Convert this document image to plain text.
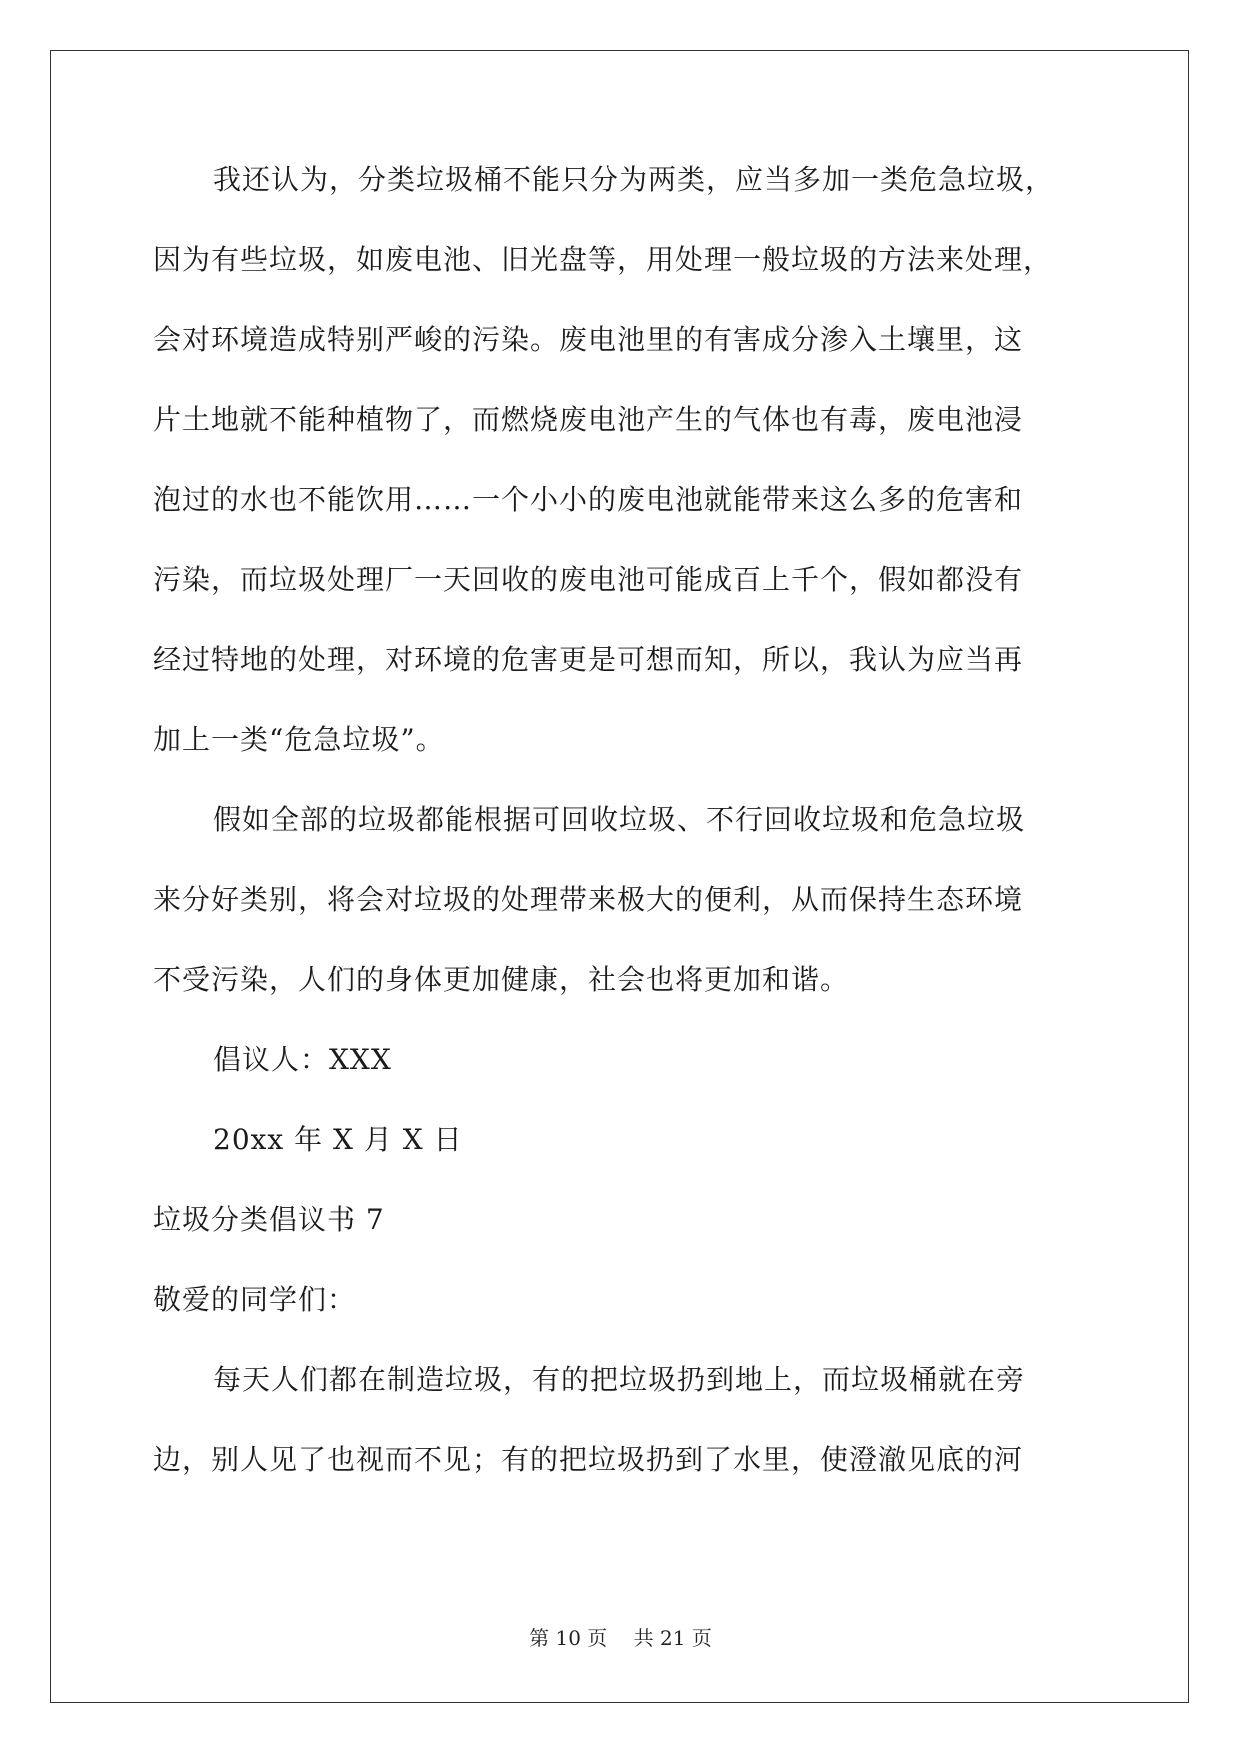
我还认为，分类垃圾桶不能只分为两类，应当多加一类危急垃圾，
因为有些垃圾，如废电池、旧光盘等，用处理一般垃圾的方法来处理，
会对环境造成特别严峻的污染。废电池里的有害成分渗入土壤里，这
片土地就不能种植物了，而燃烧废电池产生的气体也有毒，废电池浸
泡过的水也不能饮用……一个小小的废电池就能带来这么多的危害和
污染，而垃圾处理厂一天回收的废电池可能成百上千个，假如都没有
经过特地的处理，对环境的危害更是可想而知，所以，我认为应当再
加上一类“危急垃圾”。
假如全部的垃圾都能根据可回收垃圾、不行回收垃圾和危急垃圾
来分好类别，将会对垃圾的处理带来极大的便利，从而保持生态环境
不受污染，人们的身体更加健康，社会也将更加和谐。
倡议人：XXX
20xx 年 X 月 X 日
垃圾分类倡议书 7
敬爱的同学们：
每天人们都在制造垃圾，有的把垃圾扔到地上，而垃圾桶就在旁
边，别人见了也视而不见；有的把垃圾扔到了水里，使澄澈见底的河
第 10 页 共 21 页
